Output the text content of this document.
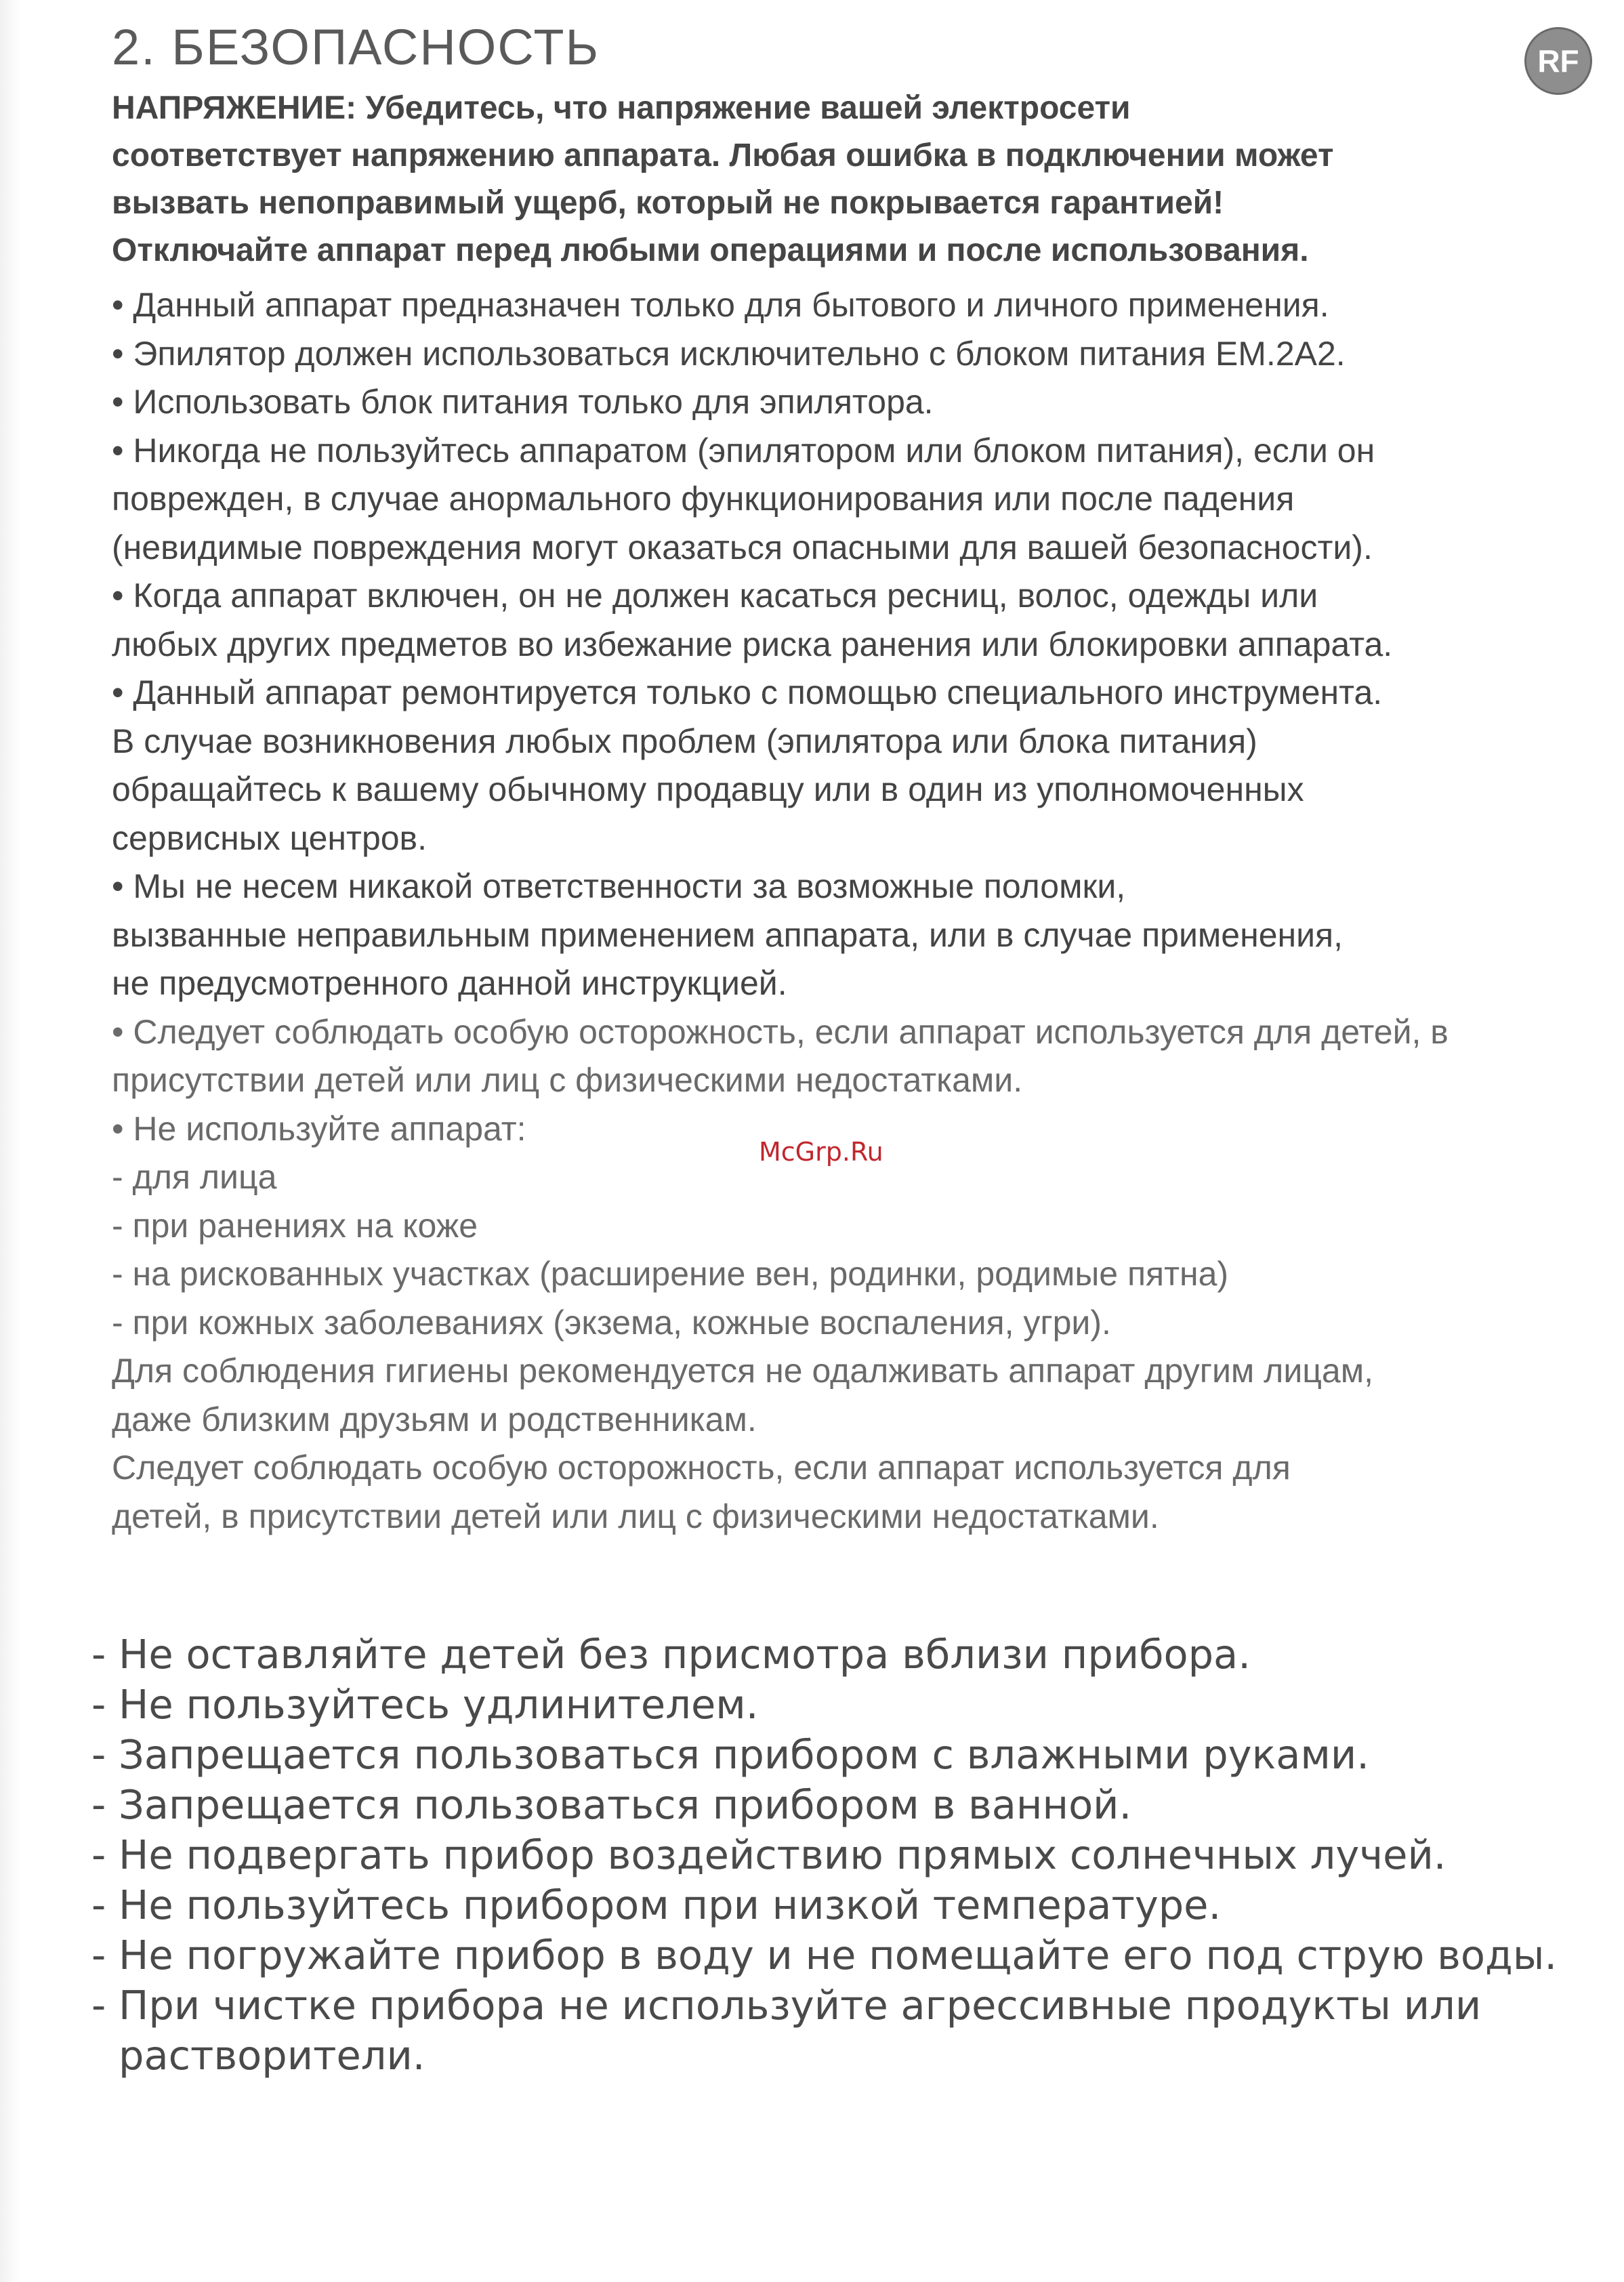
2. БЕЗОПАСНОСТЬ	RF
НАПРЯЖЕНИЕ: Убедитесь, что напряжение вашей электросети
соответствует напряжению аппарата. Любая ошибка в подключении может
вызвать непоправимый ущерб, который не покрывается гарантией!
Отключайте аппарат перед любыми операциями и после использования.
• Данный аппарат предназначен только для бытового и личного применения.
• Эпилятор должен использоваться исключительно с блоком питания EM.2A2.
• Использовать блок питания только для эпилятора.
• Никогда не пользуйтесь аппаратом (эпилятором или блоком питания), если он
поврежден, в случае анормального функционирования или после падения
(невидимые повреждения могут оказаться опасными для вашей безопасности).
• Когда аппарат включен, он не должен касаться ресниц, волос, одежды или
любых других предметов во избежание риска ранения или блокировки аппарата.
• Данный аппарат ремонтируется только с помощью специального инструмента.
В случае возникновения любых проблем (эпилятора или блока питания)
обращайтесь к вашему обычному продавцу или в один из уполномоченных
сервисных центров.
• Мы не несем никакой ответственности за возможные поломки,
вызванные неправильным применением аппарата, или в случае применения,
не предусмотренного данной инструкцией.
• Следует соблюдать особую осторожность, если аппарат используется для детей, в
присутствии детей или лиц с физическими недостатками.
• Не используйте аппарат:
- для лица
- при ранениях на коже
- на рискованных участках (расширение вен, родинки, родимые пятна)
- при кожных заболеваниях (экзема, кожные воспаления, угри).
Для соблюдения гигиены рекомендуется не одалживать аппарат другим лицам,
даже близким друзьям и родственникам.
Следует соблюдать особую осторожность, если аппарат используется для
детей, в присутствии детей или лиц с физическими недостатками.
McGrp.Ru
- Не оставляйте детей без присмотра вблизи прибора.
- Не пользуйтесь удлинителем.
- Запрещается пользоваться прибором с влажными руками.
- Запрещается пользоваться прибором в ванной.
- Не подвергать прибор воздействию прямых солнечных лучей.
- Не пользуйтесь прибором при низкой температуре.
- Не погружайте прибор в воду и не помещайте его под струю воды.
- При чистке прибора не используйте агрессивные продукты или
растворители.
